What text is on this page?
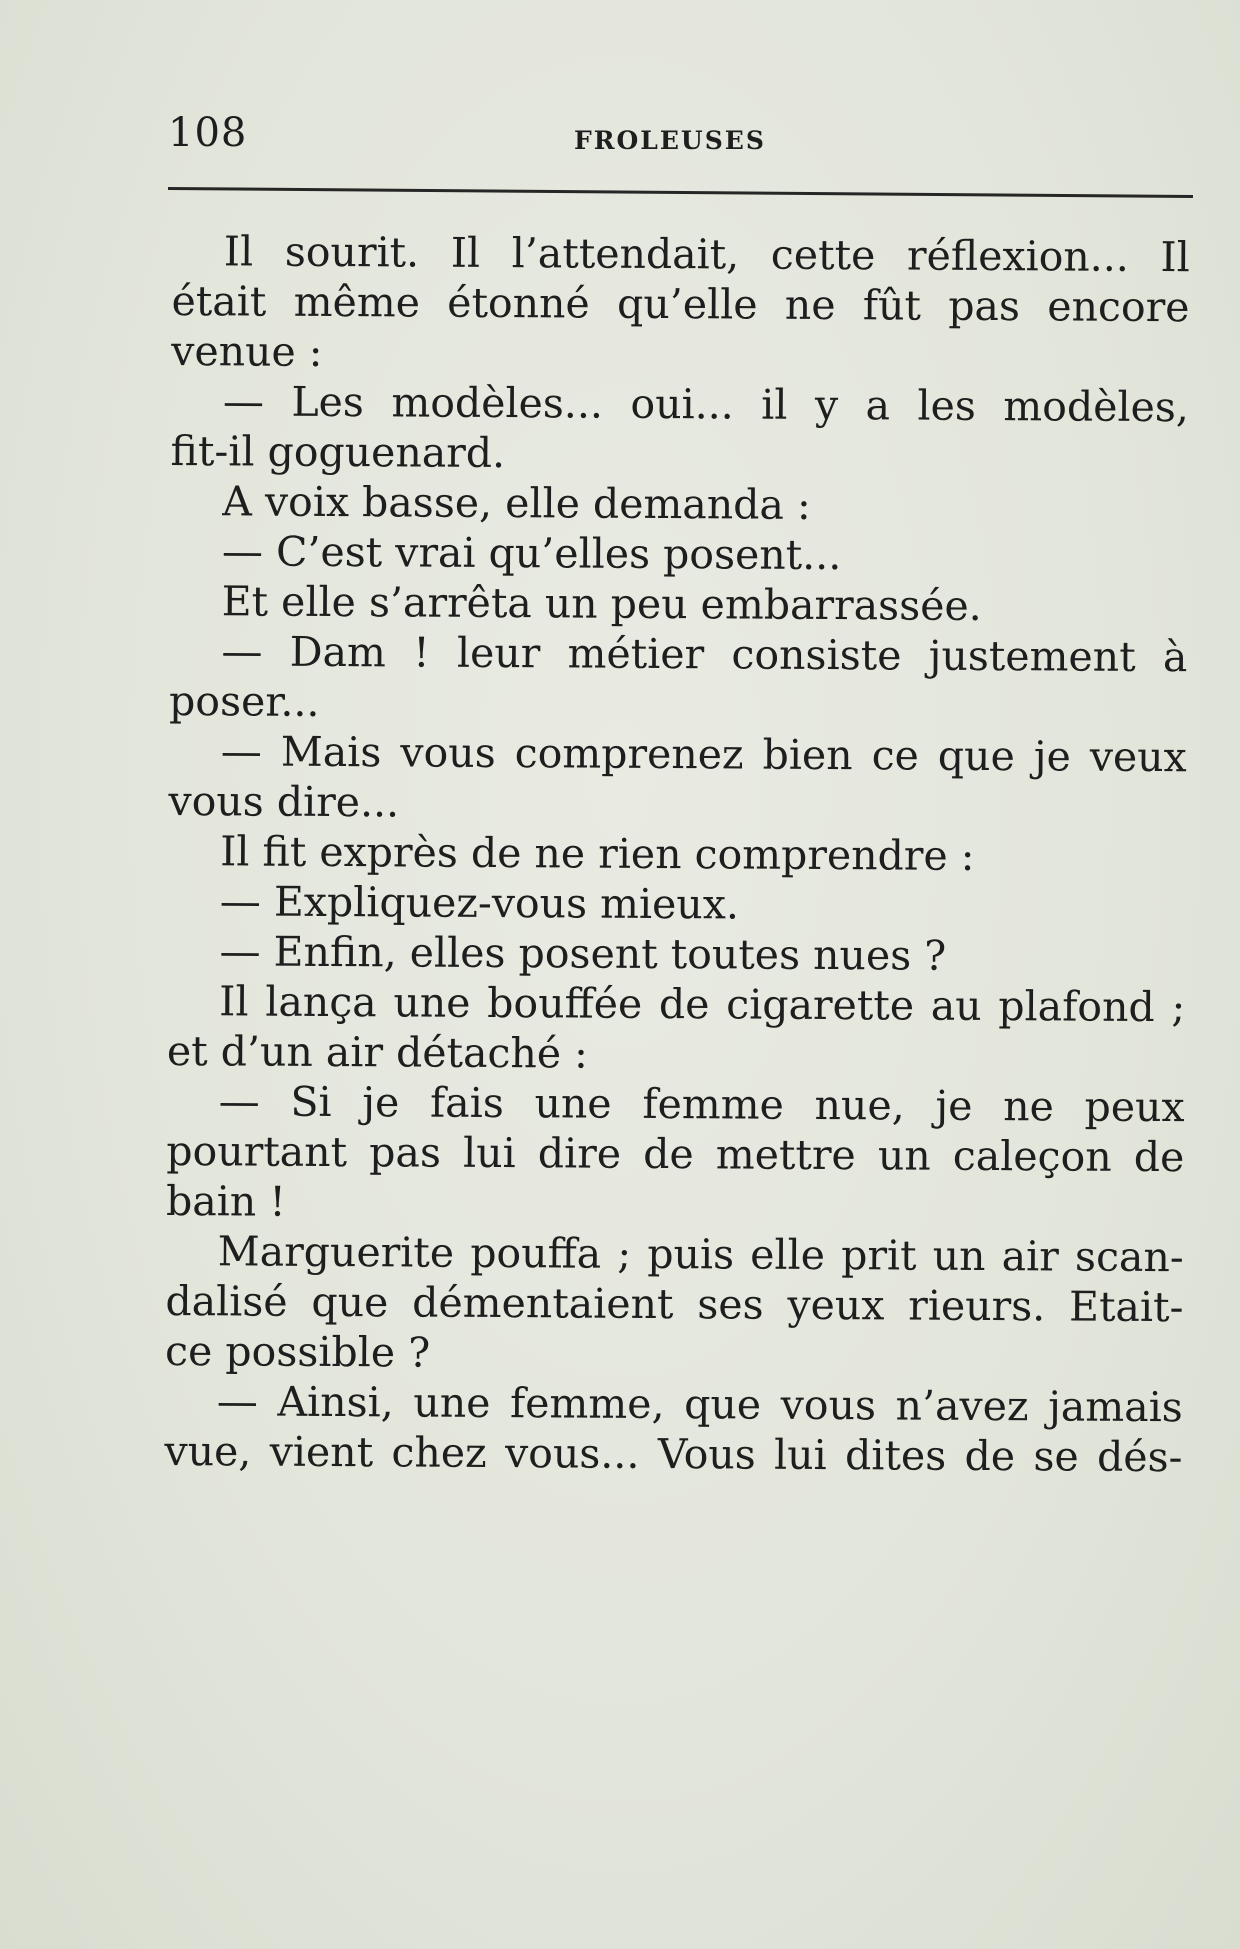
108	FROLEUSES
Il sourit. Il l’attendait, cette réflexion... Il
était même étonné qu’elle ne fût pas encore
venue :
— Les modèles... oui... il y a les modèles,
fit-il goguenard.
A voix basse, elle demanda :
— C’est vrai qu’elles posent...
Et elle s’arrêta un peu embarrassée.
— Dam ! leur métier consiste justement à
poser...
— Mais vous comprenez bien ce que je veux
vous dire...
Il fit exprès de ne rien comprendre :
— Expliquez-vous mieux.
— Enfin, elles posent toutes nues ?
Il lança une bouffée de cigarette au plafond ;
et d’un air détaché :
— Si je fais une femme nue, je ne peux
pourtant pas lui dire de mettre un caleçon de
bain !
Marguerite pouffa ; puis elle prit un air scan-
dalisé que démentaient ses yeux rieurs. Etait-
ce possible ?
— Ainsi, une femme, que vous n’avez jamais
vue, vient chez vous... Vous lui dites de se dés-
